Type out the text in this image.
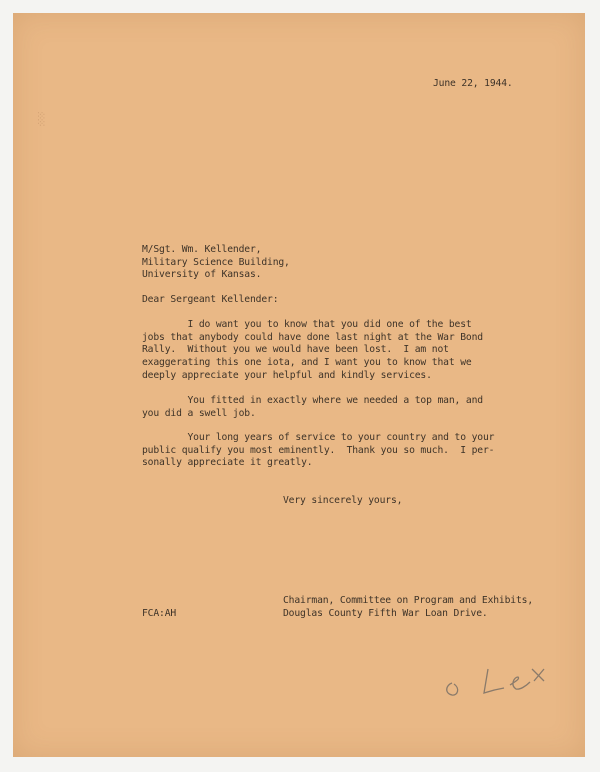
░
June 22, 1944.
M/Sgt. Wm. Kellender,
Military Science Building,
University of Kansas.
Dear Sergeant Kellender:
I do want you to know that you did one of the best
jobs that anybody could have done last night at the War Bond
Rally.  Without you we would have been lost.  I am not
exaggerating this one iota, and I want you to know that we
deeply appreciate your helpful and kindly services.
You fitted in exactly where we needed a top man, and
you did a swell job.
Your long years of service to your country and to your
public qualify you most eminently.  Thank you so much.  I per-
sonally appreciate it greatly.
Very sincerely yours,
Chairman, Committee on Program and Exhibits,
Douglas County Fifth War Loan Drive.
FCA:AH
